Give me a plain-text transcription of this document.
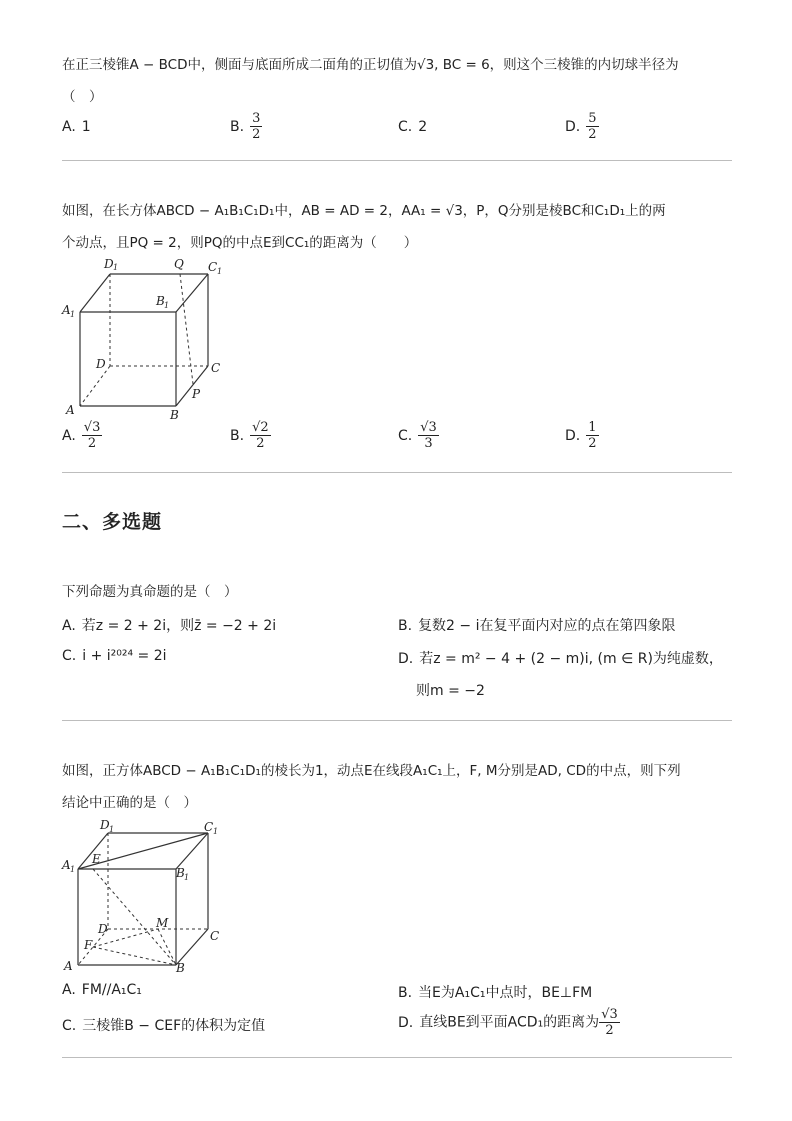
在正三棱锥A − BCD中，侧面与底面所成二面角的正切值为√3, BC = 6，则这个三棱锥的内切球半径为
（　）
A. 1	B. $\frac{3}{2}$	C. 2	D. $\frac{5}{2}$
如图，在长方体ABCD − A₁B₁C₁D₁中，AB = AD = 2，AA₁ = √3，P，Q分别是棱BC和C₁D₁上的两
个动点，且PQ = 2，则PQ的中点E到CC₁的距离为（　　）
D 1	Q C 1
A 1
B 1
D	C
P
A	B
A. $\frac{√3}{2}$	B. $\frac{√2}{2}$	C. $\frac{√3}{3}$	D. $\frac{1}{2}$
二、多选题
下列命题为真命题的是（　）
A. 若z = 2 + 2i，则z̄ = −2 + 2i	B. 复数2 − i在复平面内对应的点在第四象限
C. i + i²⁰²⁴ = 2i	D. 若z = m² − 4 + (2 − m)i, (m ∈ R)为纯虚数，
则m = −2
如图，正方体ABCD − A₁B₁C₁D₁的棱长为1，动点E在线段A₁C₁上，F, M分别是AD, CD的中点，则下列
结论中正确的是（　）
D 1	C 1
A 1
E
B 1
D	M
C
F
A	B
A. FM//A₁C₁	B. 当E为A₁C₁中点时，BE⊥FM
C. 三棱锥B − CEF的体积为定值	D. 直线BE到平面ACD₁的距离为 $\frac{√3}{2}$
